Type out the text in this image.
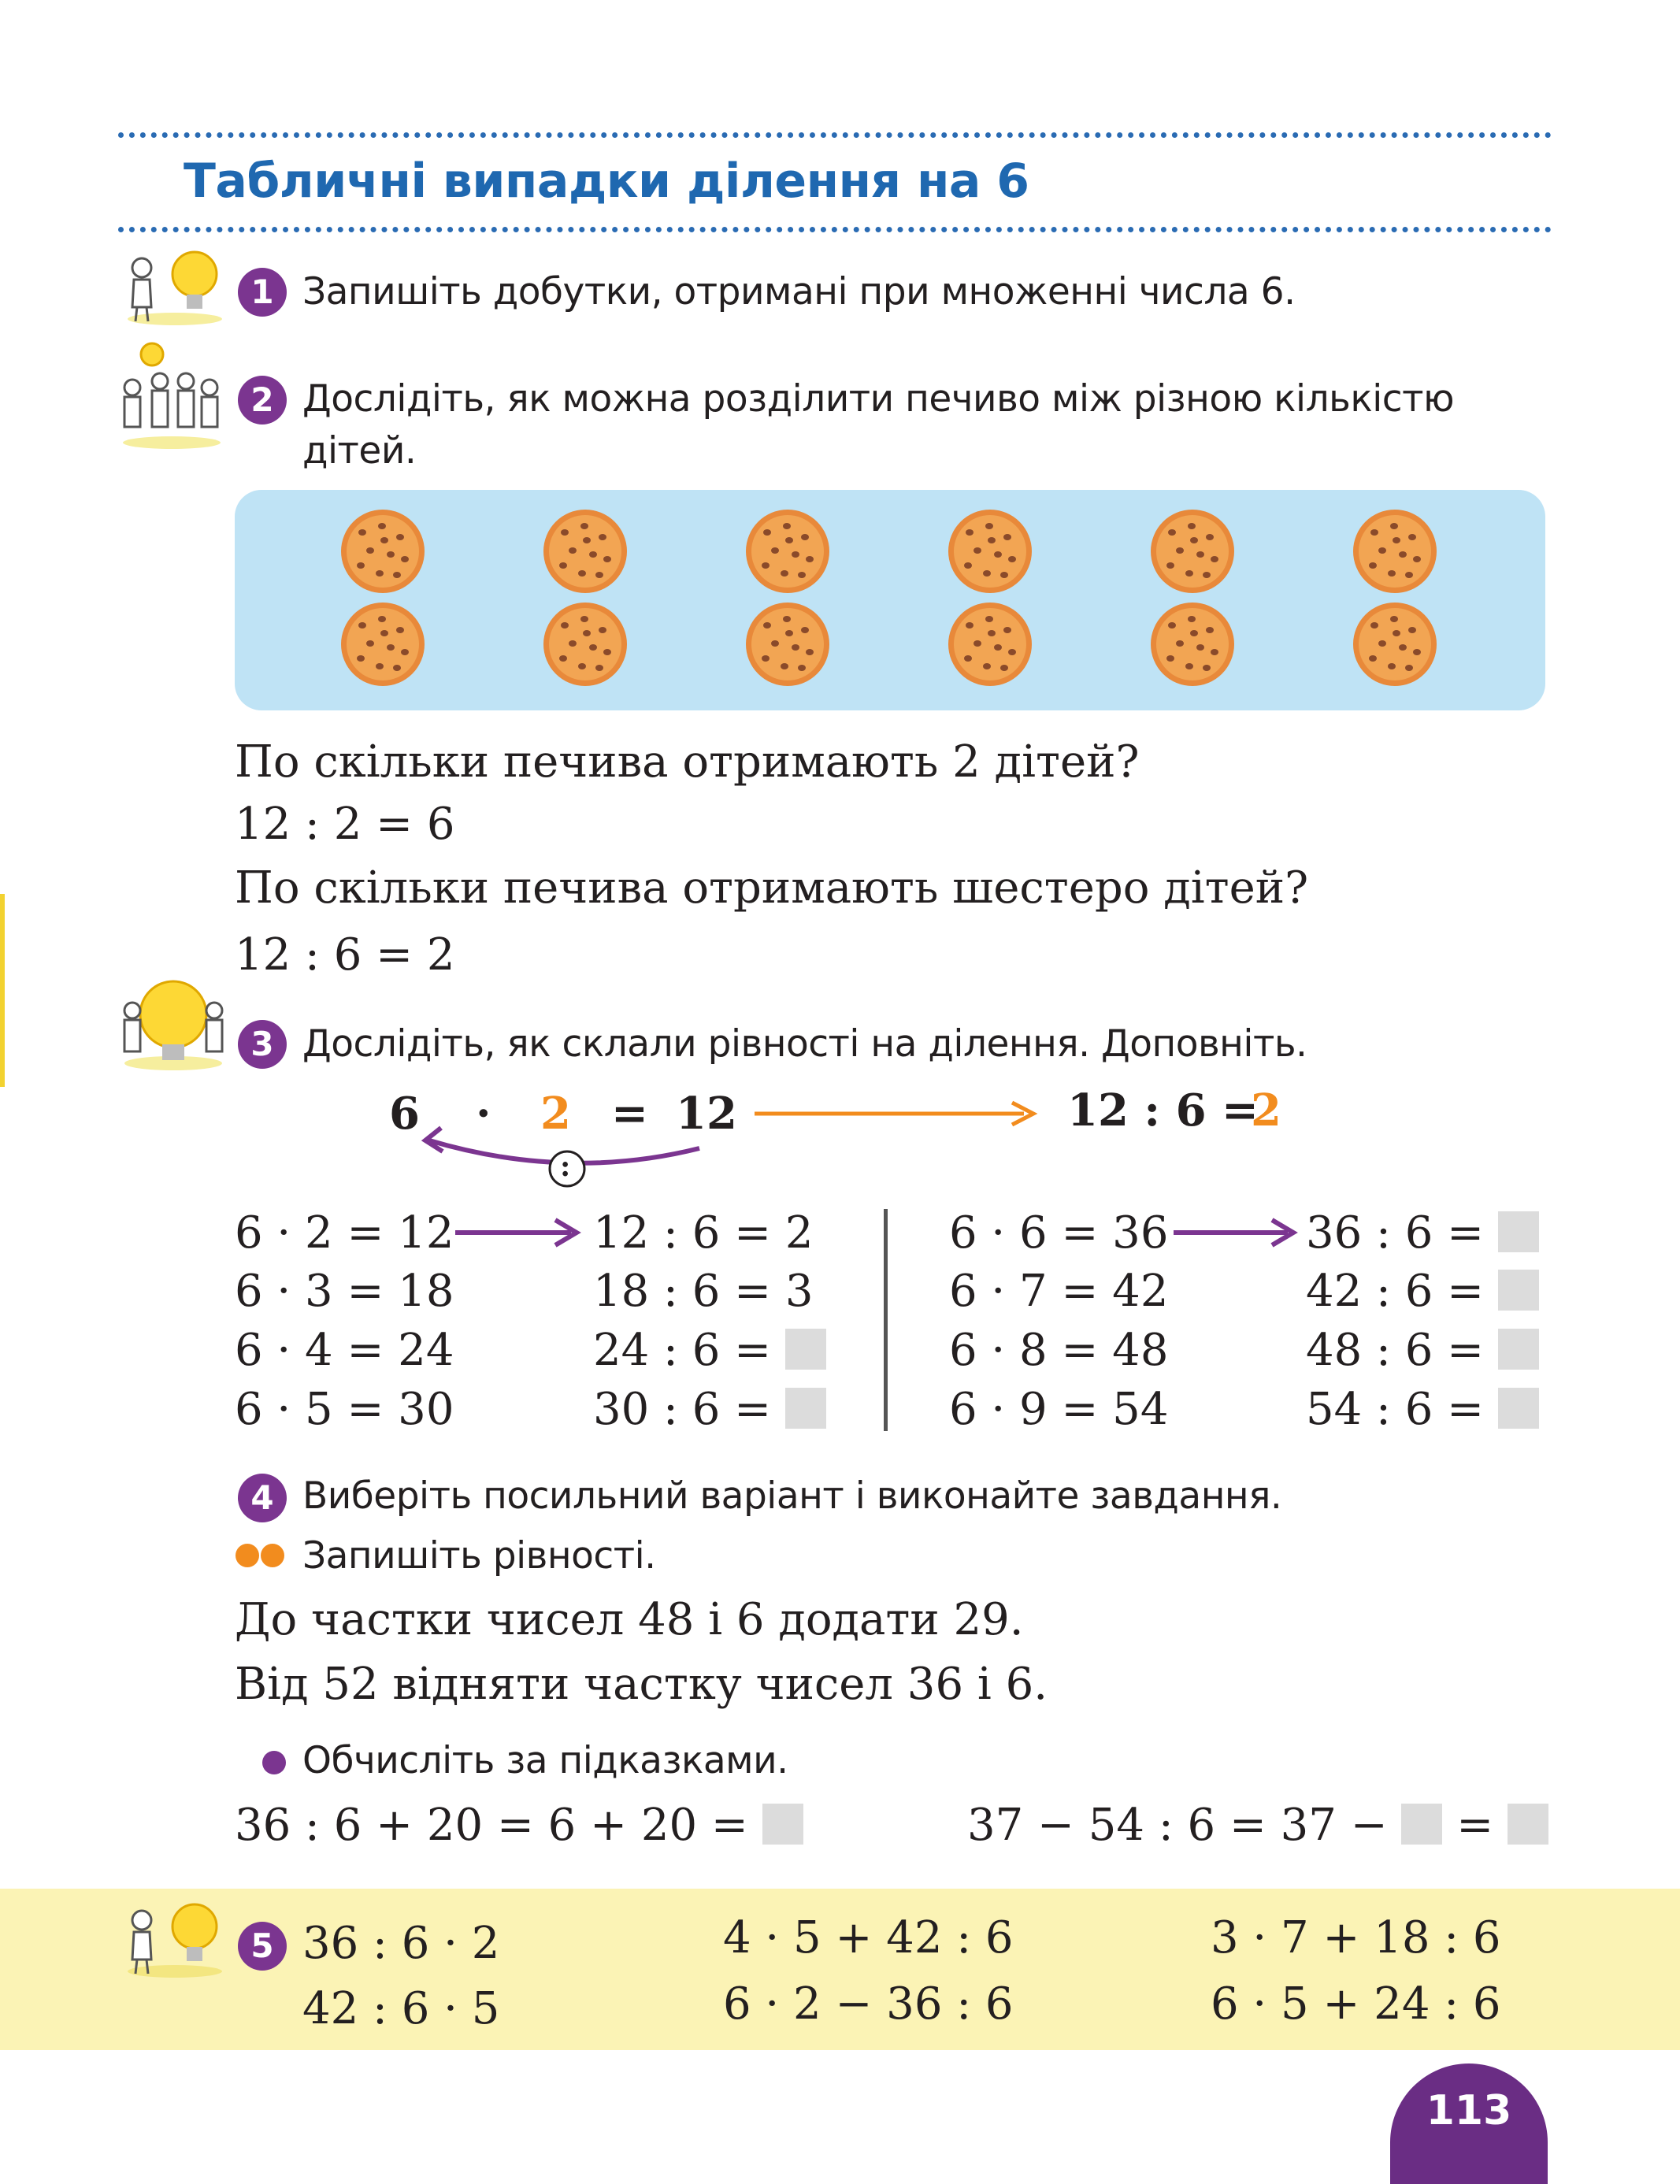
Табличні випадки ділення на 6
1 Запишіть добутки, отримані при множенні числа 6.
2 Дослідіть, як можна розділити печиво між різною кількістю
дітей.
По скільки печива отримають 2 дітей?
12 : 2 = 6
По скільки печива отримають шестеро дітей?
12 : 6 = 2
3 Дослідіть, як склали рівності на ділення. Доповніть.
6 · 2 = 12	12 : 6 =
2
:
6 · 2 = 12
6 · 3 = 18
6 · 4 = 24
6 · 5 = 30
12 : 6 = 2
18 : 6 = 3
24 : 6 =
30 : 6 =
6 · 6 = 36
6 · 7 = 42
6 · 8 = 48
6 · 9 = 54
36 : 6 =
42 : 6 =
48 : 6 =
54 : 6 =
4 Виберіть посильний варіант і виконайте завдання.
Запишіть рівності.
До частки чисел 48 і 6 додати 29.
Від 52 відняти частку чисел 36 і 6.
Обчисліть за підказками.
36 : 6 + 20 = 6 + 20 =	37 − 54 : 6 = 37 − =
5 36 : 6 · 2
42 : 6 · 5
4 · 5 + 42 : 6
6 · 2 − 36 : 6
3 · 7 + 18 : 6
6 · 5 + 24 : 6
113
